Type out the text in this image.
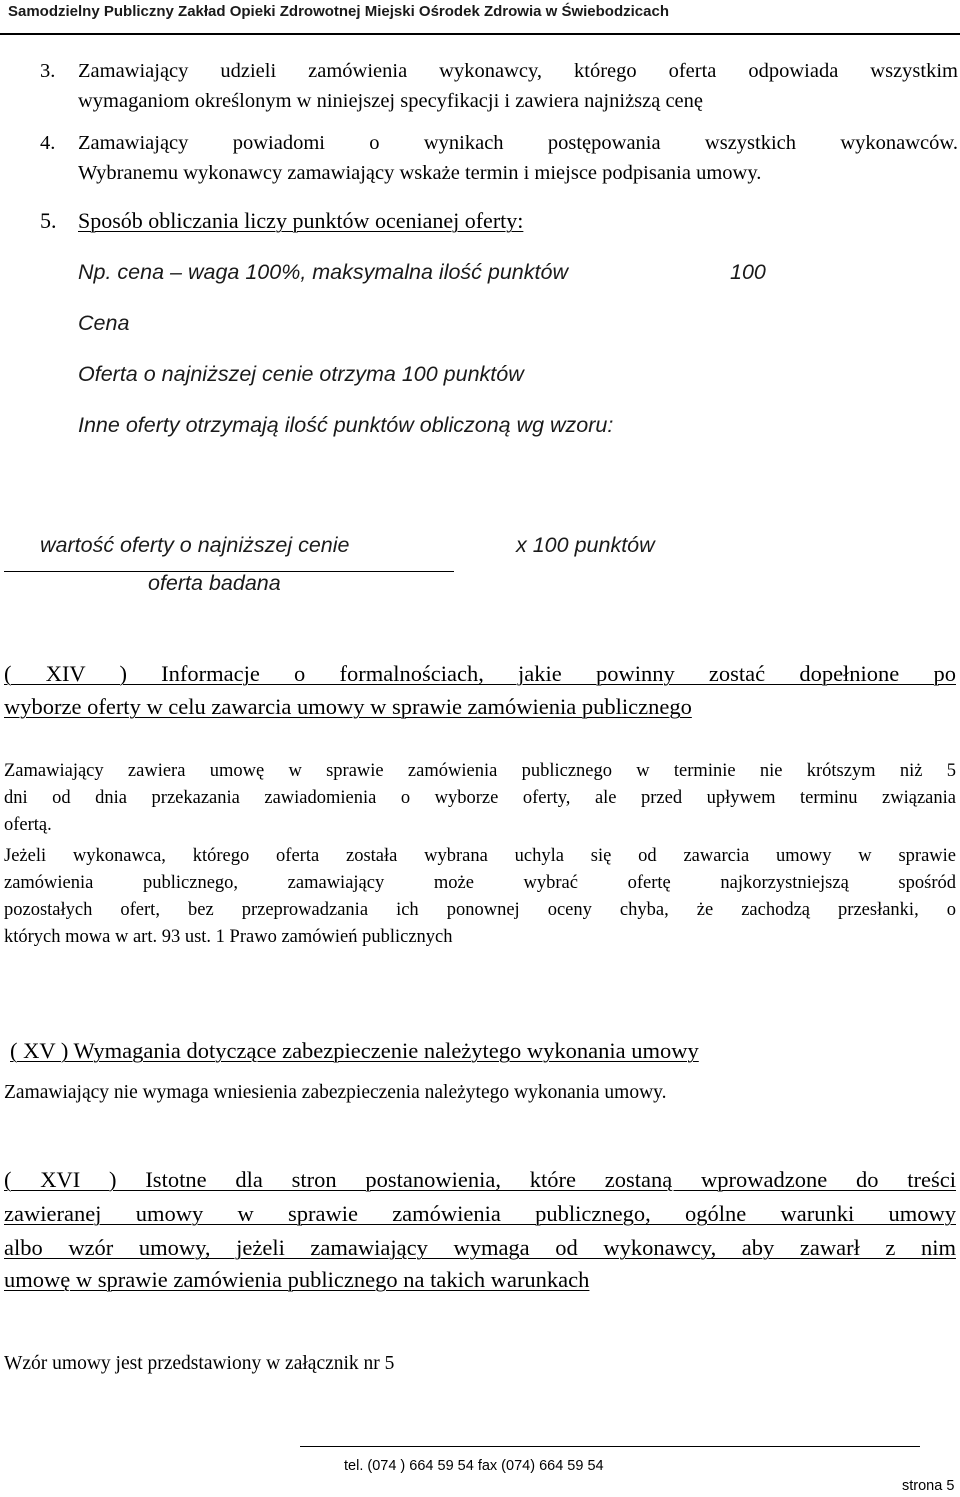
Samodzielny Publiczny Zakład Opieki Zdrowotnej Miejski Ośrodek Zdrowia w Świebodzicach

3. Zamawiający udzieli zamówienia wykonawcy, którego oferta odpowiada wszystkim

wymaganiom określonym w niniejszej specyfikacji i zawiera najniższą cenę

4. Zamawiający powiadomi o wynikach postępowania wszystkich wykonawców.

Wybranemu wykonawcy zamawiający wskaże termin i miejsce podpisania umowy.

5. Sposób obliczania liczy punktów ocenianej oferty:

Np. cena – waga 100%, maksymalna ilość punktów	100

Cena

Oferta o najniższej cenie otrzyma 100 punktów

Inne oferty otrzymają ilość punktów obliczoną wg wzoru:

wartość oferty o najniższej cenie

oferta badana

x 100 punktów

( XIV ) Informacje o formalnościach, jakie powinny zostać dopełnione po

wyborze oferty w celu zawarcia umowy w sprawie zamówienia publicznego

Zamawiający zawiera umowę w sprawie zamówienia publicznego w terminie nie krótszym niż 5
dni od dnia przekazania zawiadomienia o wyborze oferty, ale przed upływem terminu związania
ofertą.
Jeżeli wykonawca, którego oferta została wybrana uchyla się od zawarcia umowy w sprawie
zamówienia publicznego, zamawiający może wybrać ofertę najkorzystniejszą spośród
pozostałych ofert, bez przeprowadzania ich ponownej oceny chyba, że zachodzą przesłanki, o
których mowa w art. 93 ust. 1 Prawo zamówień publicznych

( XV ) Wymagania dotyczące zabezpieczenie należytego wykonania umowy

Zamawiający nie wymaga wniesienia zabezpieczenia należytego wykonania umowy.

( XVI ) Istotne dla stron postanowienia, które zostaną wprowadzone do treści

zawieranej umowy w sprawie zamówienia publicznego, ogólne warunki umowy

albo wzór umowy, jeżeli zamawiający wymaga od wykonawcy, aby zawarł z nim

umowę w sprawie zamówienia publicznego na takich warunkach

Wzór umowy jest przedstawiony w załącznik nr 5

tel. (074 ) 664 59 54 fax (074) 664 59 54

strona 5
